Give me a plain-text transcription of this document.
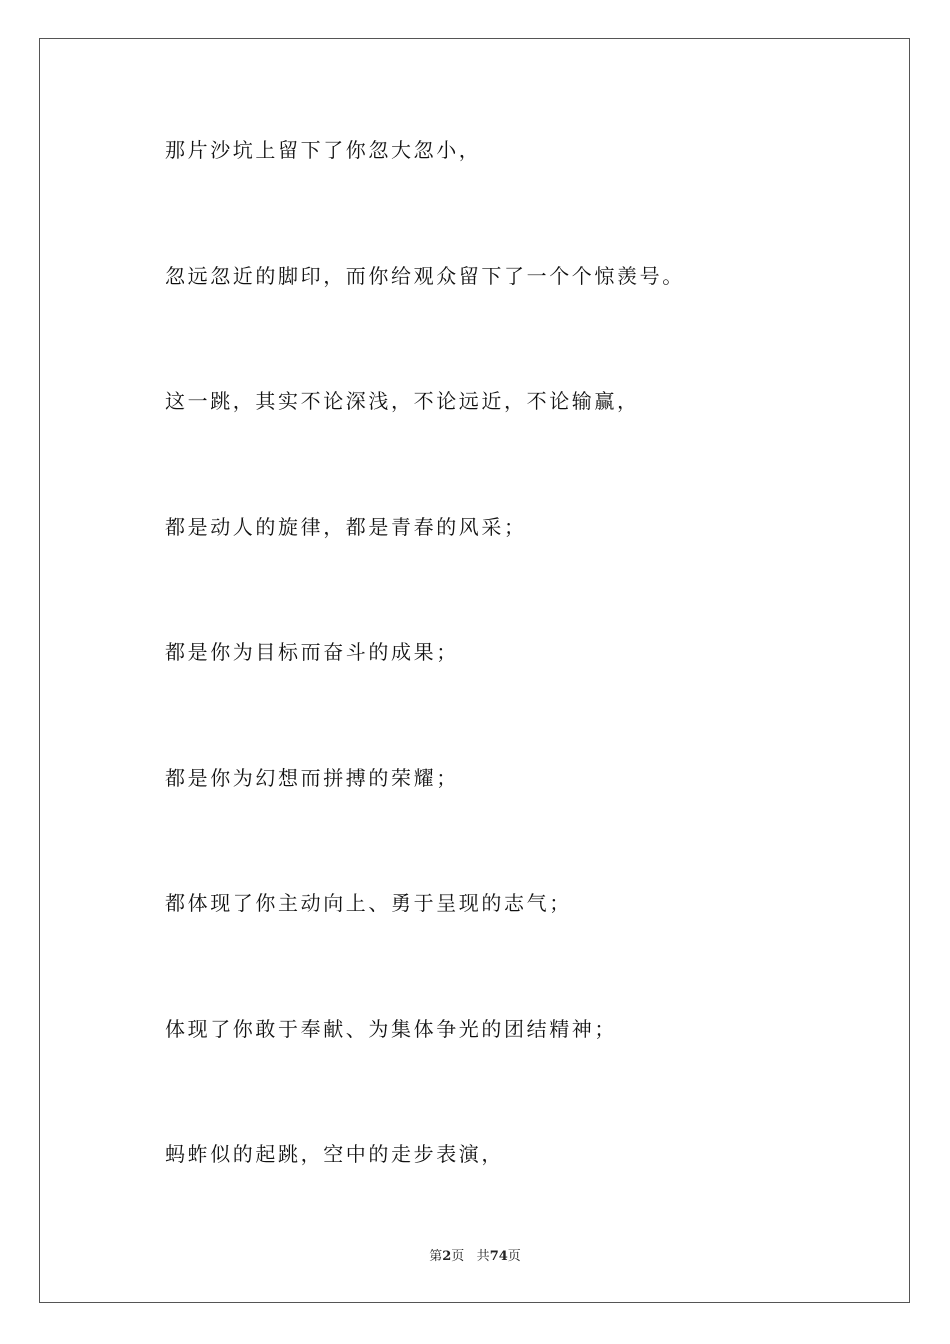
那片沙坑上留下了你忽大忽小，
忽远忽近的脚印，而你给观众留下了一个个惊羡号。
这一跳，其实不论深浅，不论远近，不论输赢，
都是动人的旋律，都是青春的风采；
都是你为目标而奋斗的成果；
都是你为幻想而拼搏的荣耀；
都体现了你主动向上、勇于呈现的志气；
体现了你敢于奉献、为集体争光的团结精神；
蚂蚱似的起跳，空中的走步表演，
第2页 共74页
